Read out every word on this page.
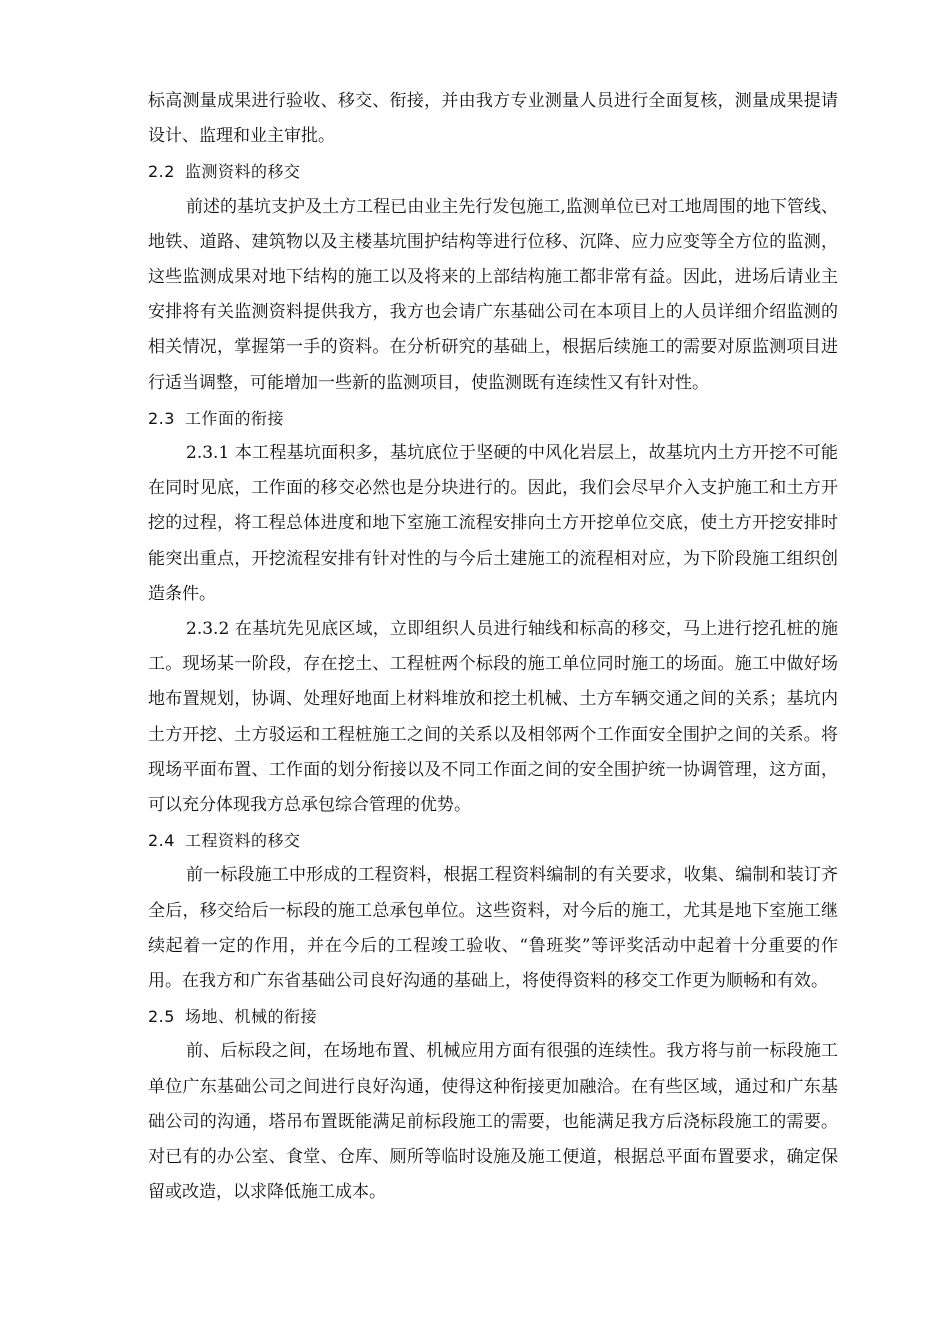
标高测量成果进行验收、移交、衔接，并由我方专业测量人员进行全面复核，测量成果提请设计、监理和业主审批。

2.2 监测资料的移交

前述的基坑支护及土方工程已由业主先行发包施工,监测单位已对工地周围的地下管线、地铁、道路、建筑物以及主楼基坑围护结构等进行位移、沉降、应力应变等全方位的监测，这些监测成果对地下结构的施工以及将来的上部结构施工都非常有益。因此，进场后请业主安排将有关监测资料提供我方，我方也会请广东基础公司在本项目上的人员详细介绍监测的相关情况，掌握第一手的资料。在分析研究的基础上，根据后续施工的需要对原监测项目进行适当调整，可能增加一些新的监测项目，使监测既有连续性又有针对性。

2.3 工作面的衔接

2.3.1 本工程基坑面积多，基坑底位于坚硬的中风化岩层上，故基坑内土方开挖不可能在同时见底，工作面的移交必然也是分块进行的。因此，我们会尽早介入支护施工和土方开挖的过程，将工程总体进度和地下室施工流程安排向土方开挖单位交底，使土方开挖安排时能突出重点，开挖流程安排有针对性的与今后土建施工的流程相对应，为下阶段施工组织创造条件。

2.3.2 在基坑先见底区域，立即组织人员进行轴线和标高的移交，马上进行挖孔桩的施工。现场某一阶段，存在挖土、工程桩两个标段的施工单位同时施工的场面。施工中做好场地布置规划，协调、处理好地面上材料堆放和挖土机械、土方车辆交通之间的关系；基坑内土方开挖、土方驳运和工程桩施工之间的关系以及相邻两个工作面安全围护之间的关系。将现场平面布置、工作面的划分衔接以及不同工作面之间的安全围护统一协调管理，这方面，可以充分体现我方总承包综合管理的优势。

2.4 工程资料的移交

前一标段施工中形成的工程资料，根据工程资料编制的有关要求，收集、编制和装订齐全后，移交给后一标段的施工总承包单位。这些资料，对今后的施工，尤其是地下室施工继续起着一定的作用，并在今后的工程竣工验收、“鲁班奖”等评奖活动中起着十分重要的作用。在我方和广东省基础公司良好沟通的基础上，将使得资料的移交工作更为顺畅和有效。

2.5 场地、机械的衔接

前、后标段之间，在场地布置、机械应用方面有很强的连续性。我方将与前一标段施工单位广东基础公司之间进行良好沟通，使得这种衔接更加融洽。在有些区域，通过和广东基础公司的沟通，塔吊布置既能满足前标段施工的需要，也能满足我方后浇标段施工的需要。对已有的办公室、食堂、仓库、厕所等临时设施及施工便道，根据总平面布置要求，确定保留或改造，以求降低施工成本。
